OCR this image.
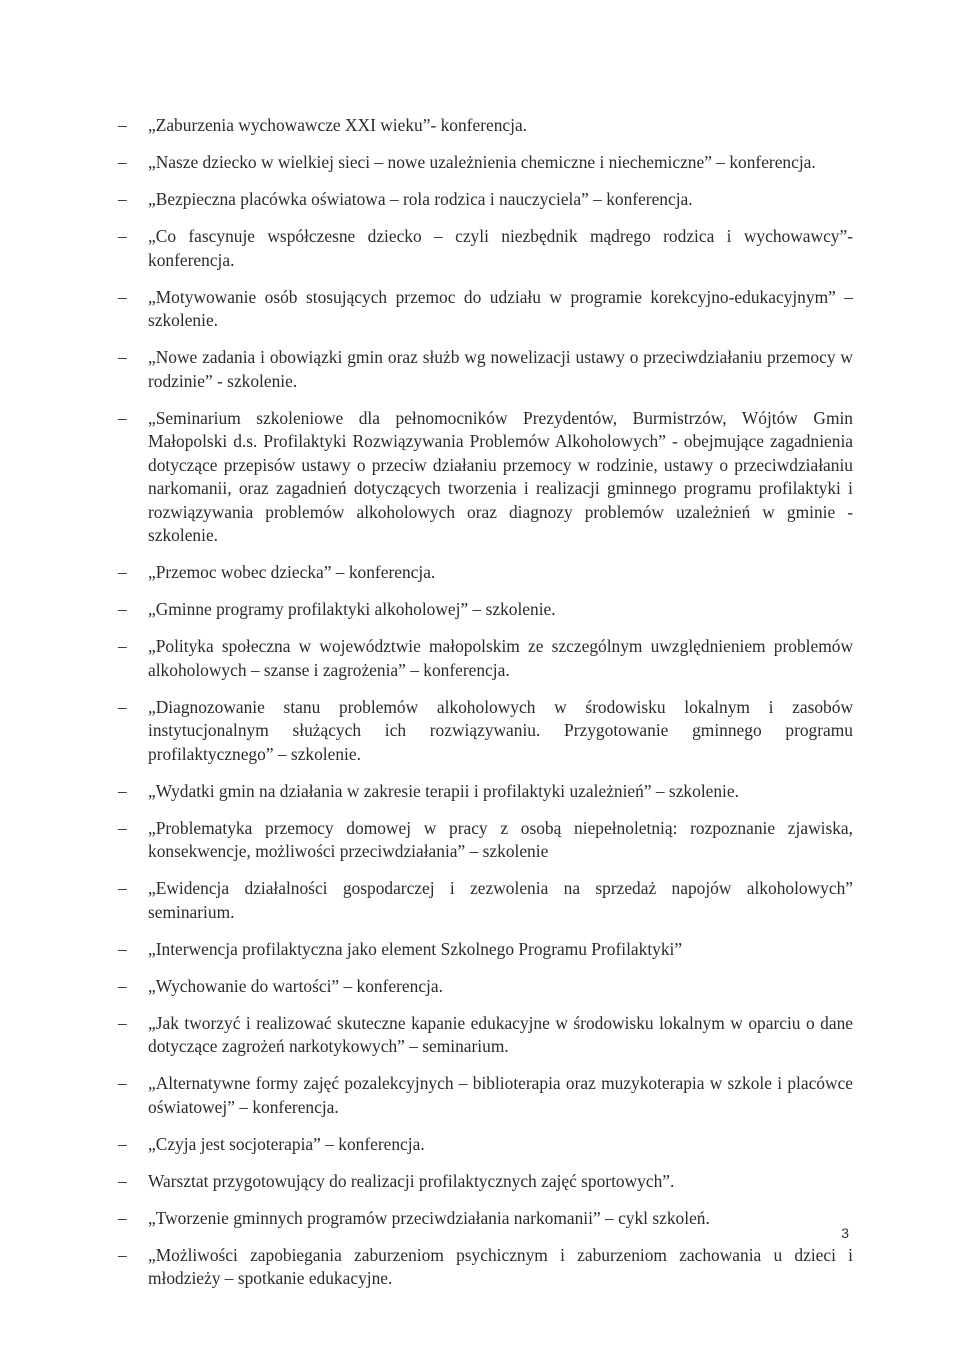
–	„Zaburzenia wychowawcze XXI wieku”- konferencja.
–	„Nasze dziecko w wielkiej sieci – nowe uzależnienia chemiczne i niechemiczne” – konferencja.
–	„Bezpieczna placówka oświatowa – rola rodzica i nauczyciela” – konferencja.
–	„Co fascynuje współczesne dziecko – czyli niezbędnik mądrego rodzica i wychowawcy”- konferencja.
–	„Motywowanie osób stosujących przemoc do udziału w programie korekcyjno-edukacyjnym” – szkolenie.
–	„Nowe zadania i obowiązki gmin oraz służb wg nowelizacji ustawy o przeciwdziałaniu przemocy w rodzinie” - szkolenie.
–	„Seminarium szkoleniowe dla pełnomocników Prezydentów, Burmistrzów, Wójtów Gmin Małopolski d.s. Profilaktyki Rozwiązywania Problemów Alkoholowych” - obejmujące zagadnienia dotyczące przepisów ustawy o przeciw działaniu przemocy w rodzinie, ustawy o przeciwdziałaniu narkomanii, oraz zagadnień dotyczących tworzenia i realizacji gminnego programu profilaktyki i rozwiązywania problemów alkoholowych oraz diagnozy problemów uzależnień w gminie - szkolenie.
–	„Przemoc wobec dziecka” – konferencja.
–	„Gminne programy profilaktyki alkoholowej” – szkolenie.
–	„Polityka społeczna w województwie małopolskim ze szczególnym uwzględnieniem problemów alkoholowych – szanse i zagrożenia” – konferencja.
–	„Diagnozowanie stanu problemów alkoholowych w środowisku lokalnym i zasobów instytucjonalnym służących ich rozwiązywaniu. Przygotowanie gminnego programu profilaktycznego” – szkolenie.
–	„Wydatki gmin na działania w zakresie terapii i profilaktyki uzależnień” – szkolenie.
–	„Problematyka przemocy domowej w pracy z osobą niepełnoletnią: rozpoznanie zjawiska, konsekwencje, możliwości przeciwdziałania” – szkolenie
–	„Ewidencja działalności gospodarczej i zezwolenia na sprzedaż napojów alkoholowych” seminarium.
–	„Interwencja profilaktyczna jako element Szkolnego Programu Profilaktyki”
–	„Wychowanie do wartości” – konferencja.
–	„Jak tworzyć i realizować skuteczne kapanie edukacyjne w środowisku lokalnym w oparciu o dane dotyczące zagrożeń narkotykowych” – seminarium.
–	„Alternatywne formy zajęć pozalekcyjnych – biblioterapia oraz muzykoterapia w szkole i placówce oświatowej” – konferencja.
–	„Czyja jest socjoterapia” – konferencja.
–	Warsztat przygotowujący do realizacji profilaktycznych zajęć sportowych”.
–	„Tworzenie gminnych programów przeciwdziałania narkomanii” – cykl szkoleń.
–	„Możliwości zapobiegania zaburzeniom psychicznym i zaburzeniom zachowania u dzieci i młodzieży – spotkanie edukacyjne.
3
